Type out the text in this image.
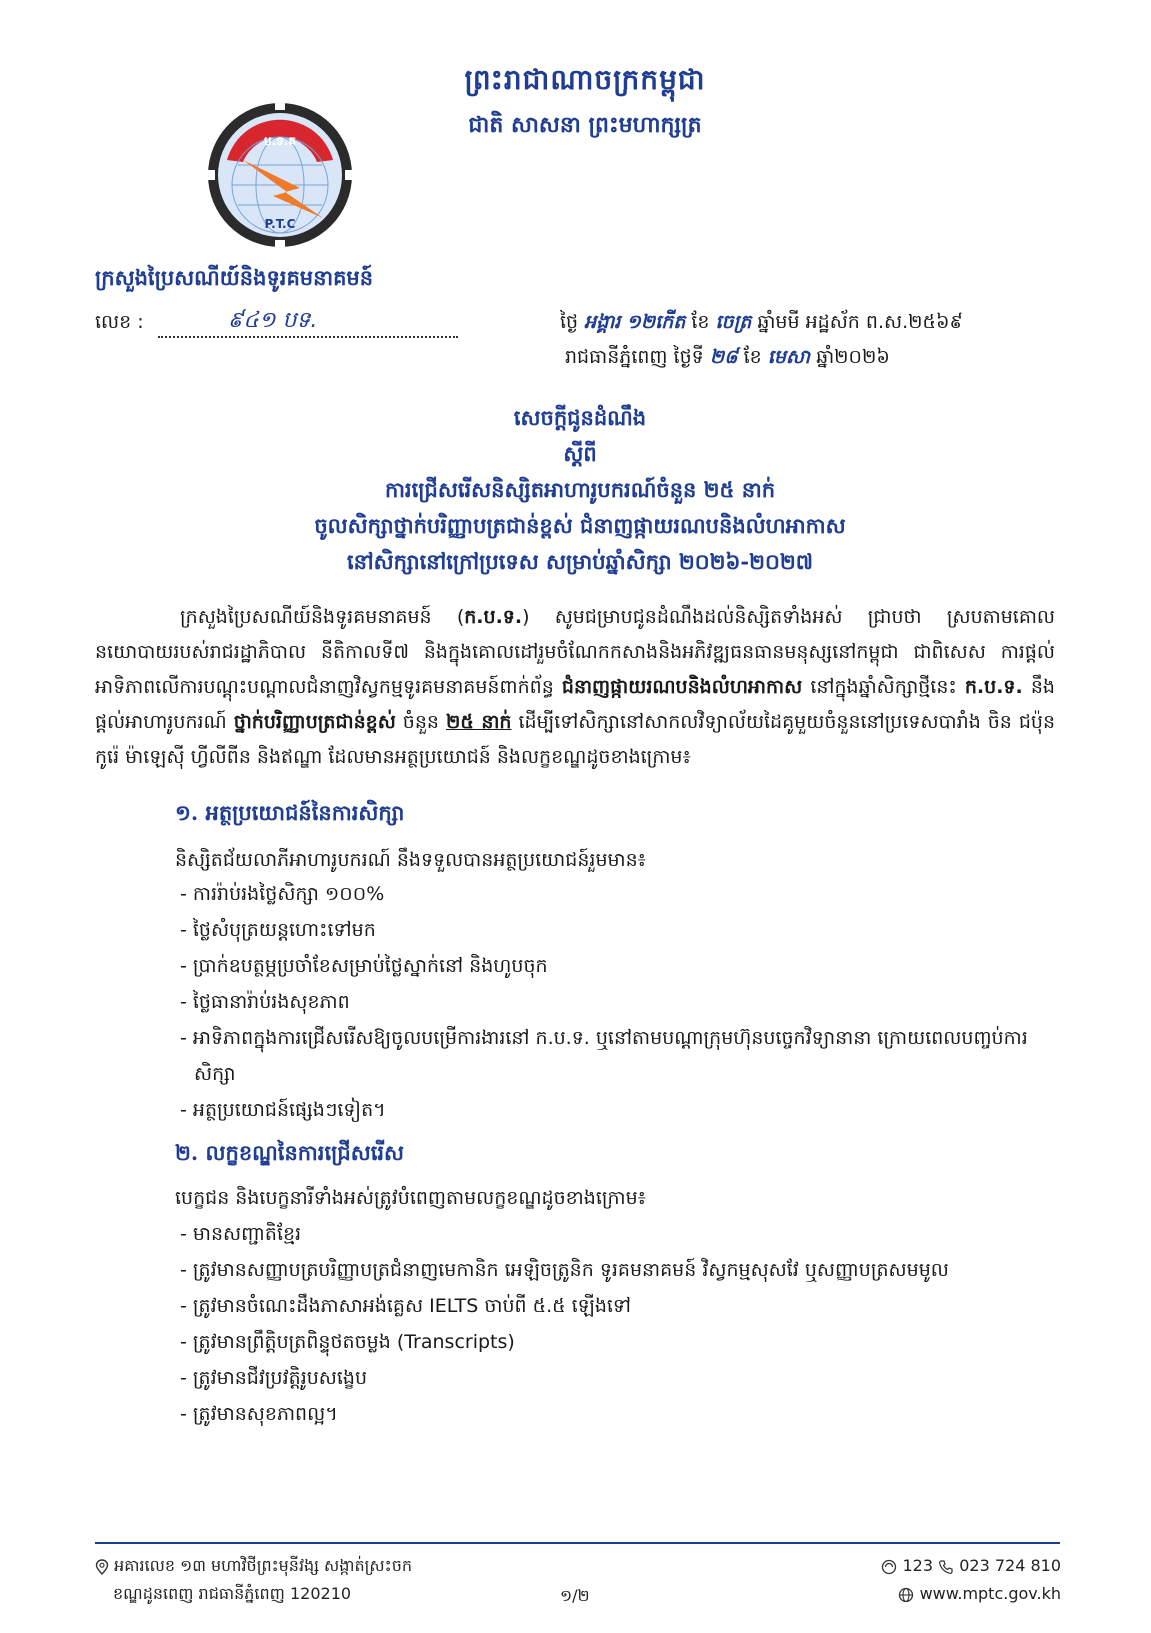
ព្រះរាជាណាចក្រកម្ពុជា
ជាតិ សាសនា ព្រះមហាក្សត្រ
ប.ទ.គ
P.T.C
ក្រសួងប្រៃសណីយ៍និងទូរគមនាគមន៍
លេខ :	៩៤១ បទ.	ថ្ងៃ អង្គារ ១២កើត ខែ ចេត្រ ឆ្នាំមមី អដ្ឋស័ក ព.ស.២៥៦៩
រាជធានីភ្នំពេញ ថ្ងៃទី ២៨ ខែ មេសា ឆ្នាំ២០២៦
សេចក្តីជូនដំណឹង
ស្តីពី
ការជ្រើសរើសនិស្សិតអាហារូបករណ៍ចំនួន ២៥ នាក់
ចូលសិក្សាថ្នាក់បរិញ្ញាបត្រជាន់ខ្ពស់ ជំនាញផ្កាយរណបនិងលំហអាកាស
នៅសិក្សានៅក្រៅប្រទេស សម្រាប់ឆ្នាំសិក្សា ២០២៦-២០២៧
ក្រសួងប្រៃសណីយ៍និងទូរគមនាគមន៍ (ក.ប.ទ.) សូមជម្រាបជូនដំណឹងដល់និស្សិតទាំងអស់ ជ្រាបថា ស្របតាមគោលនយោបាយរបស់រាជរដ្ឋាភិបាល នីតិកាលទី៧ និងក្នុងគោលដៅរួមចំណែកកសាងនិងអភិវឌ្ឍធនធានមនុស្សនៅកម្ពុជា ជាពិសេស ការផ្តល់អាទិភាពលើការបណ្តុះបណ្តាលជំនាញវិស្វកម្មទូរគមនាគមន៍ពាក់ព័ន្ធ ជំនាញផ្កាយរណបនិងលំហអាកាស នៅក្នុងឆ្នាំសិក្សាថ្មីនេះ ក.ប.ទ. នឹងផ្តល់អាហារូបករណ៍ ថ្នាក់បរិញ្ញាបត្រជាន់ខ្ពស់ ចំនួន ២៥ នាក់ ដើម្បីទៅសិក្សានៅសាកលវិទ្យាល័យដៃគូមួយចំនួននៅប្រទេសបារាំង ចិន ជប៉ុន កូរ៉េ ម៉ាឡេស៊ី ហ្វីលីពីន និងឥណ្ឌា ដែលមានអត្ថប្រយោជន៍ និងលក្ខខណ្ឌដូចខាងក្រោម៖
១. អត្ថប្រយោជន៍នៃការសិក្សា
និស្សិតជ័យលាភីអាហារូបករណ៍ នឹងទទួលបានអត្ថប្រយោជន៍រួមមាន៖
- ការរ៉ាប់រងថ្លៃសិក្សា ១០០%
- ថ្លៃសំបុត្រយន្តហោះទៅមក
- ប្រាក់ឧបត្ថម្ភប្រចាំខែសម្រាប់ថ្លៃស្នាក់នៅ និងហូបចុក
- ថ្លៃធានារ៉ាប់រងសុខភាព
- អាទិភាពក្នុងការជ្រើសរើសឱ្យចូលបម្រើការងារនៅ ក.ប.ទ. ឬនៅតាមបណ្តាក្រុមហ៊ុនបច្ចេកវិទ្យានានា ក្រោយពេលបញ្ចប់ការសិក្សា
- អត្ថប្រយោជន៍ផ្សេងៗទៀត។
២. លក្ខខណ្ឌនៃការជ្រើសរើស
បេក្ខជន និងបេក្ខនារីទាំងអស់ត្រូវបំពេញតាមលក្ខខណ្ឌដូចខាងក្រោម៖
- មានសញ្ជាតិខ្មែរ
- ត្រូវមានសញ្ញាបត្របរិញ្ញាបត្រជំនាញមេកានិក អេឡិចត្រូនិក ទូរគមនាគមន៍ វិស្វកម្មសុសវែ ឬសញ្ញាបត្រសមមូល
- ត្រូវមានចំណេះដឹងភាសាអង់គ្លេស IELTS ចាប់ពី ៥.៥ ឡើងទៅ
- ត្រូវមានព្រឹត្តិបត្រពិន្ទុថតចម្លង (Transcripts)
- ត្រូវមានជីវប្រវត្តិរូបសង្ខេប
- ត្រូវមានសុខភាពល្អ។
អគារលេខ ១៣ មហាវិថីព្រះមុនីវង្ស សង្កាត់ស្រះចក
ខណ្ឌដូនពេញ រាជធានីភ្នំពេញ 120210	១/២
123 023 724 810
www.mptc.gov.kh
